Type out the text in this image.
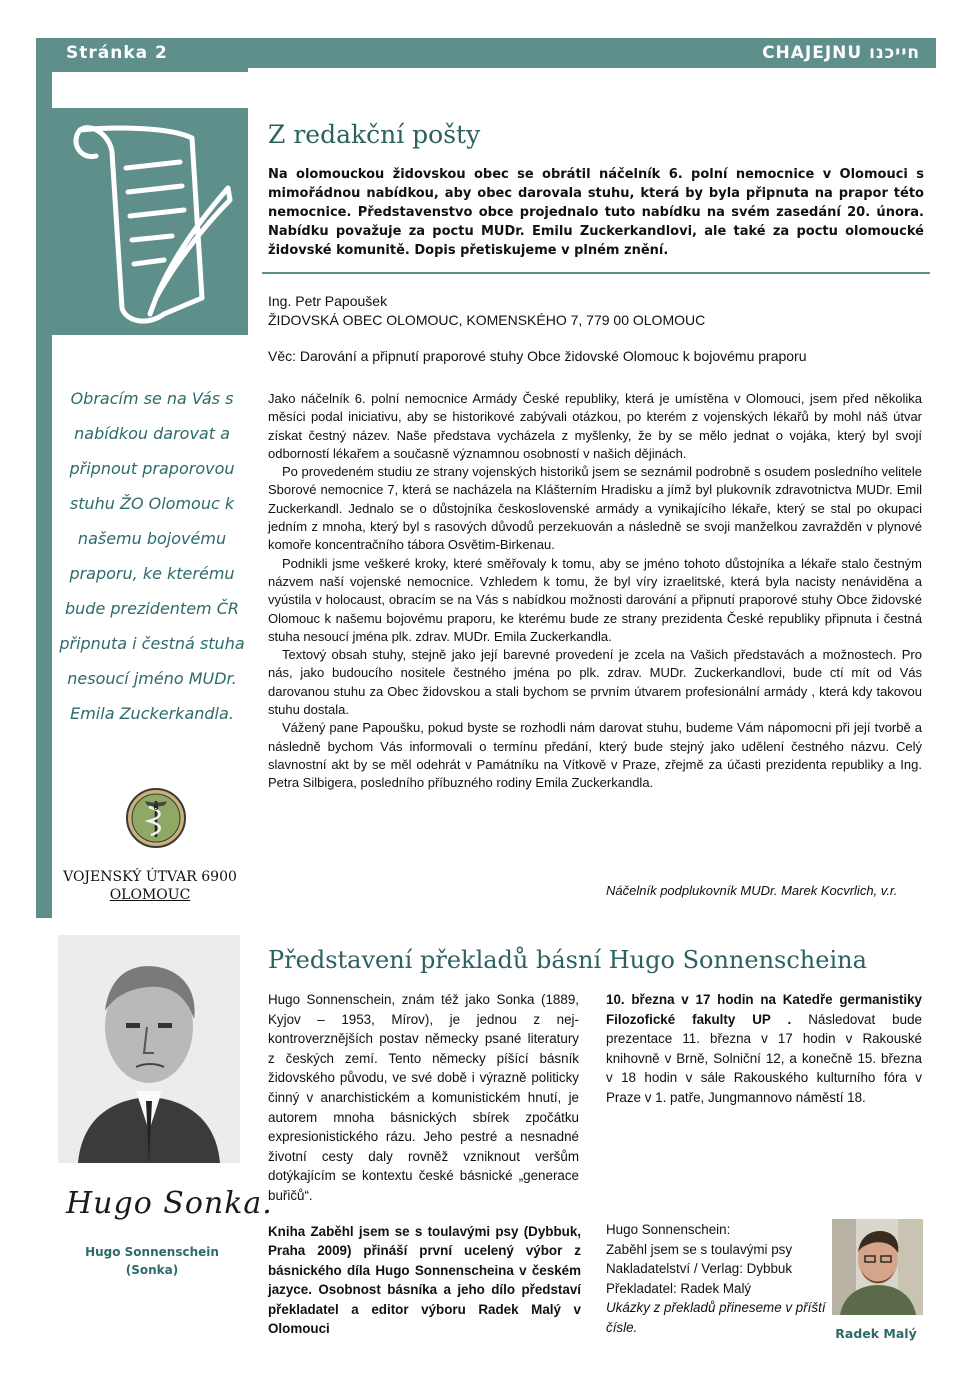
Stránka 2	CHAJEJNU חייכנו
Z redakční pošty
Na olomouckou židovskou obec se obrátil náčelník 6. polní nemocnice v Olomouci s mimořádnou nabídkou, aby obec darovala stuhu, která by byla připnuta na prapor této nemocnice. Představenstvo obce projednalo tuto nabídku na svém zasedání 20. února. Nabídku považuje za poctu MUDr. Emilu Zuckerkandlovi, ale také za poctu olomoucké židovské komunitě. Dopis přetiskujeme v plném znění.
Ing. Petr Papoušek
ŽIDOVSKÁ OBEC OLOMOUC, KOMENSKÉHO 7, 779 00 OLOMOUC
Věc: Darování a připnutí praporové stuhy Obce židovské Olomouc k bojovému praporu

Jako náčelník 6. polní nemocnice Armády České republiky, která je umístěna v Olomouci, jsem před několika měsíci podal iniciativu, aby se historikové zabývali otázkou, po kterém z vojenských lékařů by mohl náš útvar získat čestný název. Naše představa vycházela z myšlenky, že by se mělo jednat o vojáka, který byl svojí odborností lékařem a současně významnou osobností v našich dějinách.

Po provedeném studiu ze strany vojenských historiků jsem se seznámil podrobně s osudem posledního velitele Sborové nemocnice 7, která se nacházela na Klášterním Hradisku a jímž byl plukovník zdravotnictva MUDr. Emil Zuckerkandl. Jednalo se o důstojníka československé armády a vynikajícího lékaře, který se stal po okupaci jedním z mnoha, který byl s rasových důvodů perzekuován a následně se svoji manželkou zavražděn v plynové komoře koncentračního tábora Osvětim-Birkenau.

Podnikli jsme veškeré kroky, které směřovaly k tomu, aby se jméno tohoto důstojníka a lékaře stalo čestným názvem naší vojenské nemocnice. Vzhledem k tomu, že byl víry izraelitské, která byla nacisty nenáviděna a vyústila v holocaust, obracím se na Vás s nabídkou možnosti darování a připnutí praporové stuhy Obce židovské Olomouc k našemu bojovému praporu, ke kterému bude ze strany prezidenta České republiky připnuta i čestná stuha nesoucí jména plk. zdrav. MUDr. Emila Zuckerkandla.

Textový obsah stuhy, stejně jako její barevné provedení je zcela na Vašich představách a možnostech. Pro nás, jako budoucího nositele čestného jména po plk. zdrav. MUDr. Zuckerkandlovi, bude ctí mít od Vás darovanou stuhu za Obec židovskou a stali bychom se prvním útvarem profesionální armády , která kdy takovou stuhu dostala.

Vážený pane Papoušku, pokud byste se rozhodli nám darovat stuhu, budeme Vám nápomocni při její tvorbě a následně bychom Vás informovali o termínu předání, který bude stejný jako udělení čestného názvu. Celý slavnostní akt by se měl odehrát v Památníku na Vítkově v Praze, zřejmě za účasti prezidenta republiky a Ing. Petra Silbigera, posledního příbuzného rodiny Emila Zuckerkandla.

Náčelník podplukovník MUDr. Marek Kocvrlich, v.r.
Obracím se na Vás s nabídkou darovat a připnout praporovou stuhu ŽO Olomouc k našemu bojovému praporu, ke kterému bude prezidentem ČR připnuta i čestná stuha nesoucí jméno MUDr. Emila Zuckerkandla.
6
VOJENSKÝ ÚTVAR 6900
OLOMOUC
Představení překladů básní Hugo Sonnenscheina
Hugo Sonka.
Hugo Sonnenschein (Sonka)
Hugo Sonnenschein, znám též jako Sonka (1889, Kyjov – 1953, Mírov), je jednou z nejkontroverznějších postav německy psané literatury z českých zemí. Tento německy píšící básník židovského původu, ve své době i výrazně politicky činný v anarchistickém a komunistickém hnutí, je autorem mnoha básnických sbírek zpočátku expresionistického rázu. Jeho pestré a nesnadné životní cesty daly rovněž vzniknout veršům dotýkajícím se kontextu české básnické „generace buřičů“.
10. března v 17 hodin na Katedře germanistiky Filozofické fakulty UP . Následovat bude prezentace 11. března v 17 hodin v Rakouské knihovně v Brně, Solniční 12, a konečně 15. března v 18 hodin v sále Rakouského kulturního fóra v Praze v 1. patře, Jungmannovo náměstí 18.
Kniha Zaběhl jsem se s toulavými psy (Dybbuk, Praha 2009) přináší první ucelený výbor z básnického díla Hugo Sonnenscheina v českém jazyce. Osobnost básníka a jeho dílo představí překladatel a editor výboru Radek Malý v Olomouci
Hugo Sonnenschein:
Zaběhl jsem se s toulavými psy
Nakladatelství / Verlag: Dybbuk
Překladatel: Radek Malý
Ukázky z překladů přineseme v příští čísle.	Radek Malý
